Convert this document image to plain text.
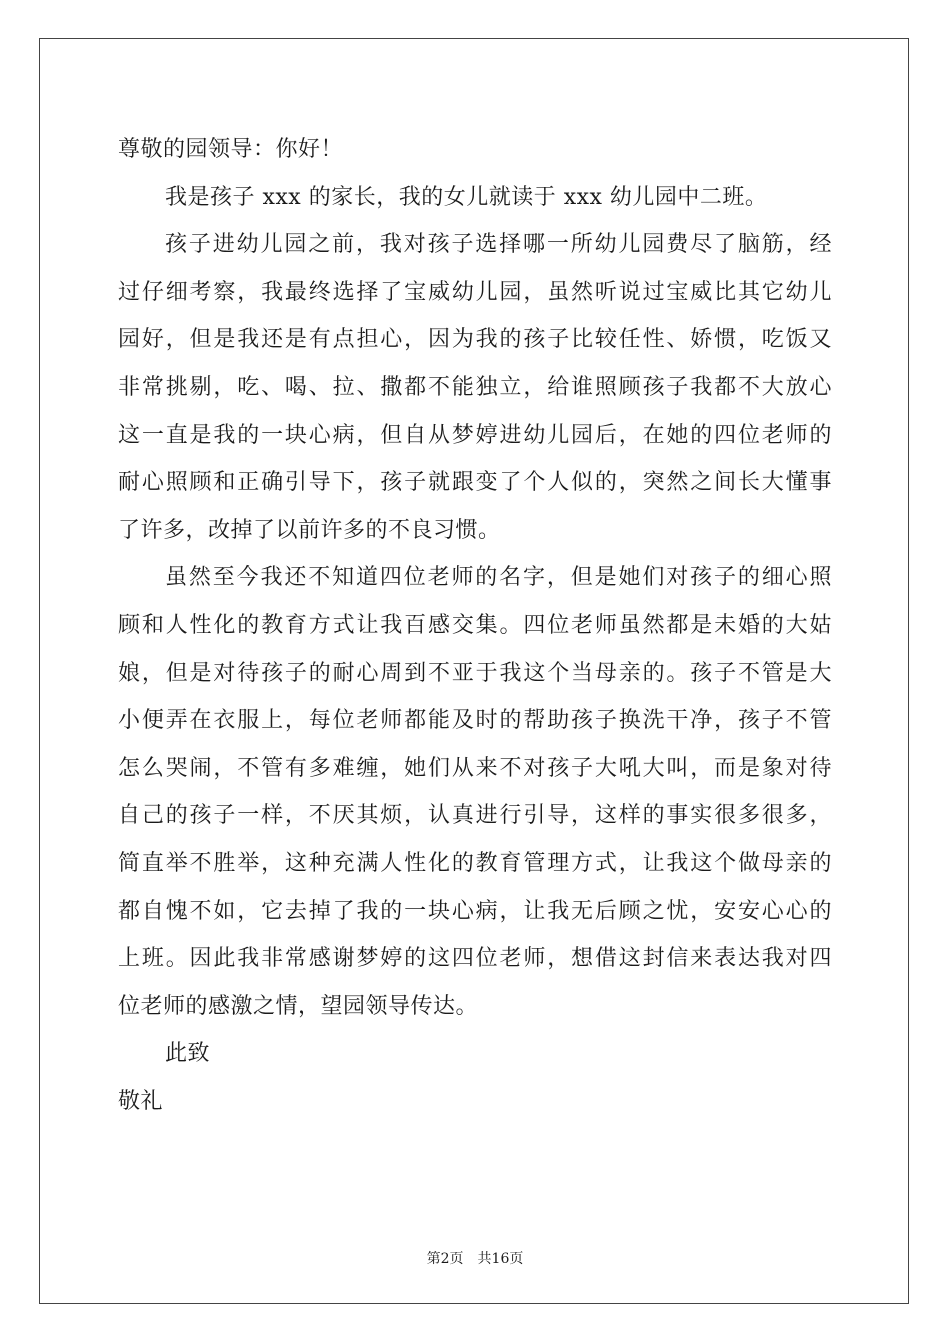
尊敬的园领导：你好！
我是孩子 xxx 的家长，我的女儿就读于 xxx 幼儿园中二班。
孩子进幼儿园之前，我对孩子选择哪一所幼儿园费尽了脑筋，经
过仔细考察，我最终选择了宝威幼儿园，虽然听说过宝威比其它幼儿
园好，但是我还是有点担心，因为我的孩子比较任性、娇惯，吃饭又
非常挑剔，吃、喝、拉、撒都不能独立，给谁照顾孩子我都不大放心
这一直是我的一块心病，但自从梦婷进幼儿园后，在她的四位老师的
耐心照顾和正确引导下，孩子就跟变了个人似的，突然之间长大懂事
了许多，改掉了以前许多的不良习惯。
虽然至今我还不知道四位老师的名字，但是她们对孩子的细心照
顾和人性化的教育方式让我百感交集。四位老师虽然都是未婚的大姑
娘，但是对待孩子的耐心周到不亚于我这个当母亲的。孩子不管是大
小便弄在衣服上，每位老师都能及时的帮助孩子换洗干净，孩子不管
怎么哭闹，不管有多难缠，她们从来不对孩子大吼大叫，而是象对待
自己的孩子一样，不厌其烦，认真进行引导，这样的事实很多很多，
简直举不胜举，这种充满人性化的教育管理方式，让我这个做母亲的
都自愧不如，它去掉了我的一块心病，让我无后顾之忧，安安心心的
上班。因此我非常感谢梦婷的这四位老师，想借这封信来表达我对四
位老师的感激之情，望园领导传达。
此致
敬礼
第2页 共16页
